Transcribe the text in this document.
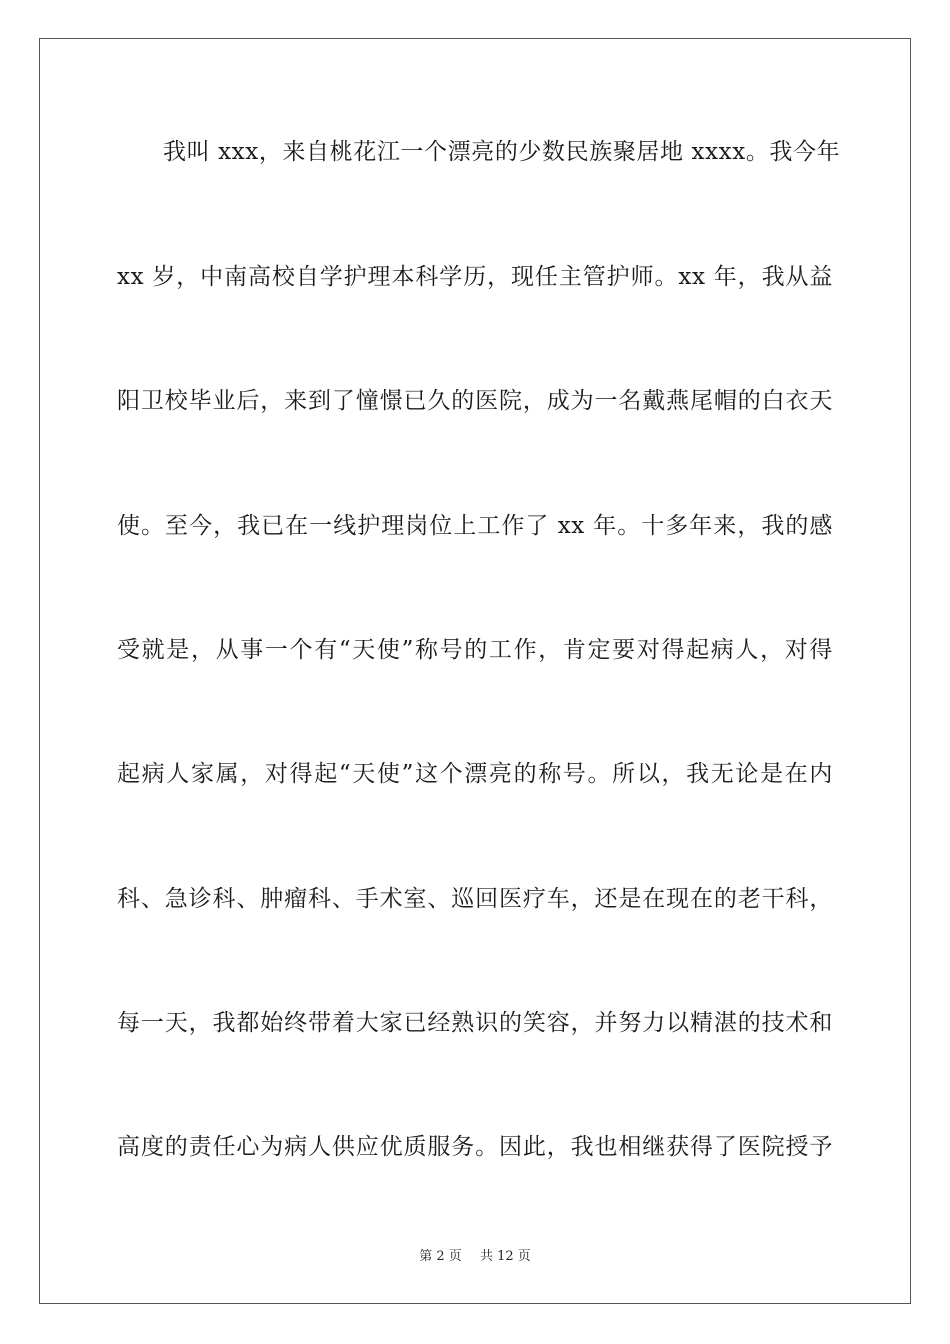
我叫 xxx，来自桃花江一个漂亮的少数民族聚居地 xxxx。我今年
xx 岁，中南高校自学护理本科学历，现任主管护师。xx 年，我从益
阳卫校毕业后，来到了憧憬已久的医院，成为一名戴燕尾帽的白衣天
使。至今，我已在一线护理岗位上工作了 xx 年。十多年来，我的感
受就是，从事一个有“天使”称号的工作，肯定要对得起病人，对得
起病人家属，对得起“天使”这个漂亮的称号。所以，我无论是在内
科、急诊科、肿瘤科、手术室、巡回医疗车，还是在现在的老干科，
每一天，我都始终带着大家已经熟识的笑容，并努力以精湛的技术和
高度的责任心为病人供应优质服务。因此，我也相继获得了医院授予
第 2 页 共 12 页
